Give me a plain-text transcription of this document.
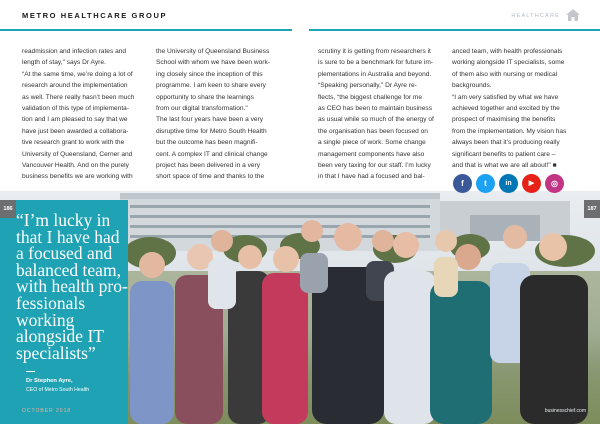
METRO HEALTHCARE GROUP	HEALTHCARE
readmission and infection rates and
length of stay," says Dr Ayre.
“At the same time, we’re doing a lot of
research around the implementation
as well. There really hasn’t been much
validation of this type of implementa-
tion and I am pleased to say that we
have just been awarded a collabora-
tive research grant to work with the
University of Queensland, Cerner and
Vancouver Health. And on the purely
business benefits we are working with
the University of Queensland Business
School with whom we have been work-
ing closely since the inception of this
programme. I am keen to share every
opportunity to share the learnings
from our digital transformation."
The last four years have been a very
disruptive time for Metro South Health
but the outcome has been magnifi-
cent. A complex IT and clinical change
project has been delivered in a very
short space of time and thanks to the
scrutiny it is getting from researchers it
is sure to be a benchmark for future im-
plementations in Australia and beyond.
“Speaking personally," Dr Ayre re-
flects, “the biggest challenge for me
as CEO has been to maintain business
as usual while so much of the energy of
the organisation has been focused on
a single piece of work. Some change
management components have also
been very taxing for our staff. I’m lucky
in that I have had a focused and bal-
anced team, with health professionals
working alongside IT specialists, some
of them also with nursing or medical
backgrounds.
“I am very satisfied by what we have
achieved together and excited by the
prospect of maximising the benefits
from the implementation. My vision has
always been that it’s producing really
significant benefits to patient care –
and that is what we are all about!" ■
“I’m lucky in that I have had a focused and balanced team, with health pro- fessionals working alongside IT specialists”
Dr Stephen Ayre,
CEO of Metro South Health
186	187
f	t	in	▶	◎
OCTOBER 2018	businesschief.com
